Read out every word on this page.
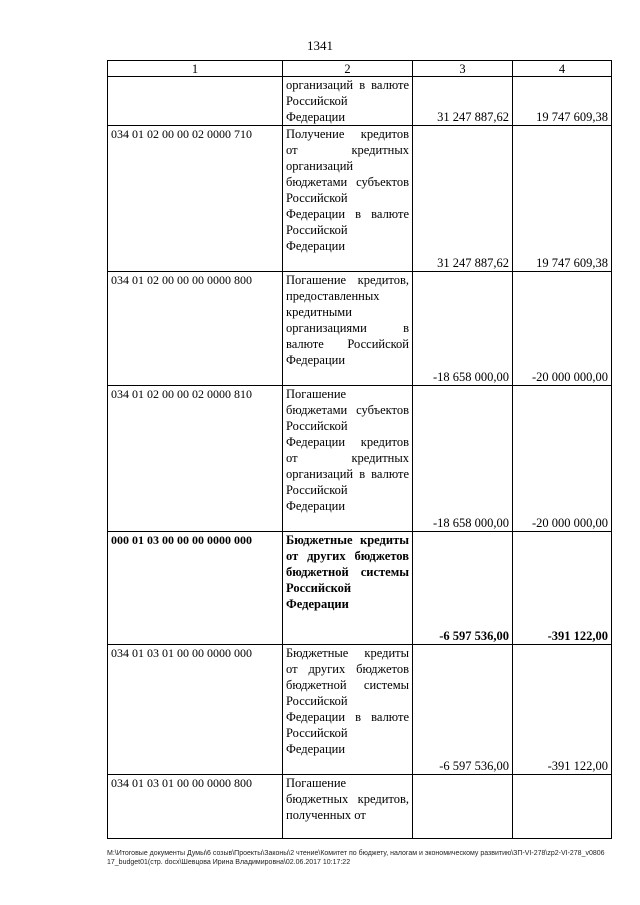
1341
1	2	3	4
	организаций в валюте Российской Федерации	31 247 887,62	19 747 609,38
034 01 02 00 00 02 0000 710	Получение кредитов от кредитных организаций бюджетами субъектов Российской Федерации в валюте Российской Федерации	31 247 887,62	19 747 609,38
034 01 02 00 00 00 0000 800	Погашение кредитов, предоставленных кредитными организациями в валюте Российской Федерации	-18 658 000,00	-20 000 000,00
034 01 02 00 00 02 0000 810	Погашение бюджетами субъектов Российской Федерации кредитов от кредитных организаций в валюте Российской Федерации	-18 658 000,00	-20 000 000,00
000 01 03 00 00 00 0000 000	Бюджетные кредиты от других бюджетов бюджетной системы Российской Федерации	-6 597 536,00	-391 122,00
034 01 03 01 00 00 0000 000	Бюджетные кредиты от других бюджетов бюджетной системы Российской Федерации в валюте Российской Федерации	-6 597 536,00	-391 122,00
034 01 03 01 00 00 0000 800	Погашение бюджетных кредитов, полученных от		
М:\Итоговые документы Думы\6 созыв\Проекты\Законы\2 чтение\Комитет по бюджету, налогам и экономическому развитию\ЗП-VI-278\zp2-VI-278_v080617_budget01(стр. docx\Шевцова Ирина Владимировна\02.06.2017 10:17:22
